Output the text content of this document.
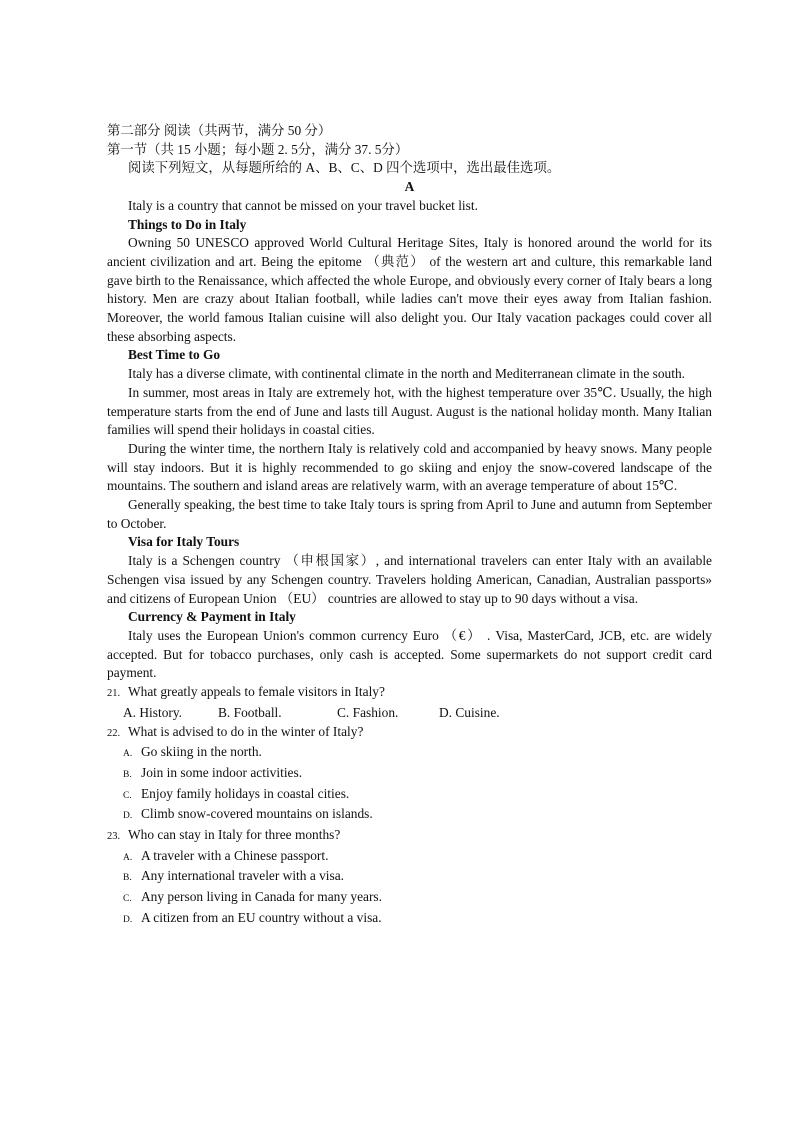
第二部分 阅读（共两节，满分 50 分）

第一节（共 15 小题；每小题 2. 5分，满分 37. 5分）

阅读下列短文，从每题所给的 A、B、C、D 四个选项中，选出最佳选项。

A

Italy is a country that cannot be missed on your travel bucket list.

Things to Do in Italy

Owning 50 UNESCO approved World Cultural Heritage Sites, Italy is honored around the world for its ancient civilization and art. Being the epitome （典范） of the western art and culture, this remarkable land gave birth to the Renaissance, which affected the whole Europe, and obviously every corner of Italy bears a long history. Men are crazy about Italian football, while ladies can't move their eyes away from Italian fashion. Moreover, the world famous Italian cuisine will also delight you. Our Italy vacation packages could cover all these absorbing aspects.

Best Time to Go

Italy has a diverse climate, with continental climate in the north and Mediterranean climate in the south.

In summer, most areas in Italy are extremely hot, with the highest temperature over 35℃. Usually, the high temperature starts from the end of June and lasts till August. August is the national holiday month. Many Italian families will spend their holidays in coastal cities.

During the winter time, the northern Italy is relatively cold and accompanied by heavy snows. Many people will stay indoors. But it is highly recommended to go skiing and enjoy the snow-covered landscape of the mountains. The southern and island areas are relatively warm, with an average temperature of about 15℃.

Generally speaking, the best time to take Italy tours is spring from April to June and autumn from September to October.

Visa for Italy Tours

Italy is a Schengen country （申根国家）, and international travelers can enter Italy with an available Schengen visa issued by any Schengen country. Travelers holding American, Canadian, Australian passports» and citizens of European Union （EU） countries are allowed to stay up to 90 days without a visa.

Currency & Payment in Italy

Italy uses the European Union's common currency Euro （€） . Visa, MasterCard, JCB, etc. are widely accepted. But for tobacco purchases, only cash is accepted. Some supermarkets do not support credit card payment.

21. What greatly appeals to female visitors in Italy?

A. History.	B. Football.	C. Fashion.	D. Cuisine.

22. What is advised to do in the winter of Italy?

A. Go skiing in the north.

B. Join in some indoor activities.

C. Enjoy family holidays in coastal cities.

D. Climb snow-covered mountains on islands.

23. Who can stay in Italy for three months?

A. A traveler with a Chinese passport.

B. Any international traveler with a visa.

C. Any person living in Canada for many years.

D. A citizen from an EU country without a visa.
